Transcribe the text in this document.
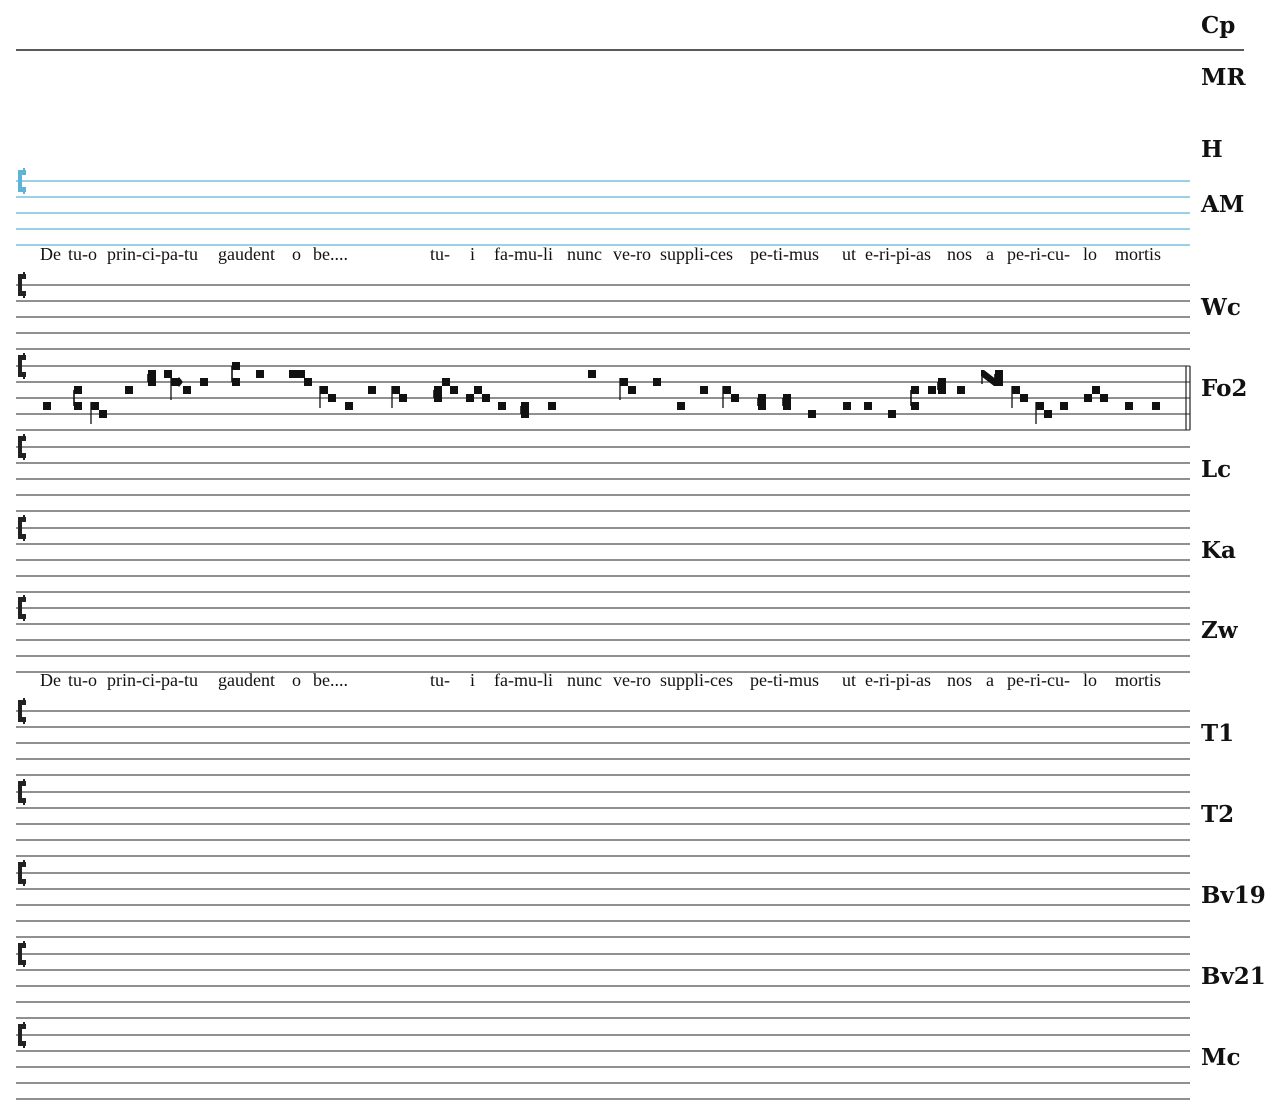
De tu-o prin-ci-pa-tu gaudent o be....	tu- i fa-mu-li nunc ve-ro suppli-ces pe-ti-mus ut e-ri-pi-as nos a pe-ri-cu- lo mortis
De tu-o prin-ci-pa-tu gaudent o be....	tu- i fa-mu-li nunc ve-ro suppli-ces pe-ti-mus ut e-ri-pi-as nos a pe-ri-cu- lo mortis
Cp
MR
H
AM
Wc
Fo2
Lc
Ka
Zw
T1
T2
Bv19
Bv21
Mc
